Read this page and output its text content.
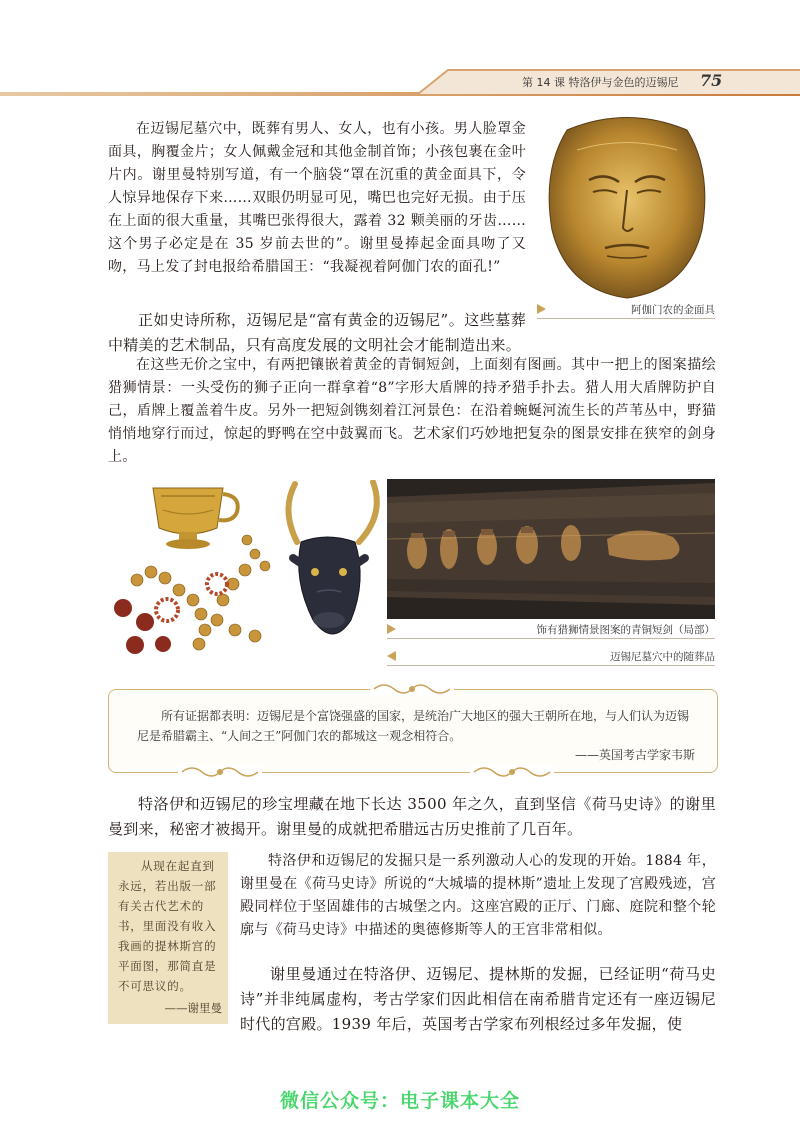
第 14 课 特洛伊与金色的迈锡尼 75

在迈锡尼墓穴中，既葬有男人、女人，也有小孩。男人脸罩金面具，胸覆金片；女人佩戴金冠和其他金制首饰；小孩包裹在金叶片内。谢里曼特别写道，有一个脑袋“罩在沉重的黄金面具下，令人惊异地保存下来……双眼仍明显可见，嘴巴也完好无损。由于压在上面的很大重量，其嘴巴张得很大，露着 32 颗美丽的牙齿……这个男子必定是在 35 岁前去世的”。谢里曼捧起金面具吻了又吻，马上发了封电报给希腊国王：“我凝视着阿伽门农的面孔!”

阿伽门农的金面具

正如史诗所称，迈锡尼是“富有黄金的迈锡尼”。这些墓葬中精美的艺术制品，只有高度发展的文明社会才能制造出来。

在这些无价之宝中，有两把镶嵌着黄金的青铜短剑，上面刻有图画。其中一把上的图案描绘猎狮情景：一头受伤的狮子正向一群拿着“8”字形大盾牌的持矛猎手扑去。猎人用大盾牌防护自己，盾牌上覆盖着牛皮。另外一把短剑镌刻着江河景色：在沿着蜿蜒河流生长的芦苇丛中，野猫悄悄地穿行而过，惊起的野鸭在空中鼓翼而飞。艺术家们巧妙地把复杂的图景安排在狭窄的剑身上。

饰有猎狮情景图案的青铜短剑（局部）
迈锡尼墓穴中的随葬品
所有证据都表明：迈锡尼是个富饶强盛的国家，是统治广大地区的强大王朝所在地，与人们认为迈锡尼是希腊霸主、“人间之王”阿伽门农的都城这一观念相符合。
——英国考古学家韦斯

特洛伊和迈锡尼的珍宝埋藏在地下长达 3500 年之久，直到坚信《荷马史诗》的谢里曼到来，秘密才被揭开。谢里曼的成就把希腊远古历史推前了几百年。

从现在起直到永远，若出版一部有关古代艺术的书，里面没有收入我画的提林斯宫的平面图，那简直是不可思议的。
——谢里曼

特洛伊和迈锡尼的发掘只是一系列激动人心的发现的开始。1884 年，谢里曼在《荷马史诗》所说的“大城墙的提林斯”遗址上发现了宫殿残迹，宫殿同样位于坚固雄伟的古城堡之内。这座宫殿的正厅、门廊、庭院和整个轮廓与《荷马史诗》中描述的奥德修斯等人的王宫非常相似。

谢里曼通过在特洛伊、迈锡尼、提林斯的发掘，已经证明“荷马史诗”并非纯属虚构，考古学家们因此相信在南希腊肯定还有一座迈锡尼时代的宫殿。1939 年后，英国考古学家布列根经过多年发掘，使

微信公众号：电子课本大全
